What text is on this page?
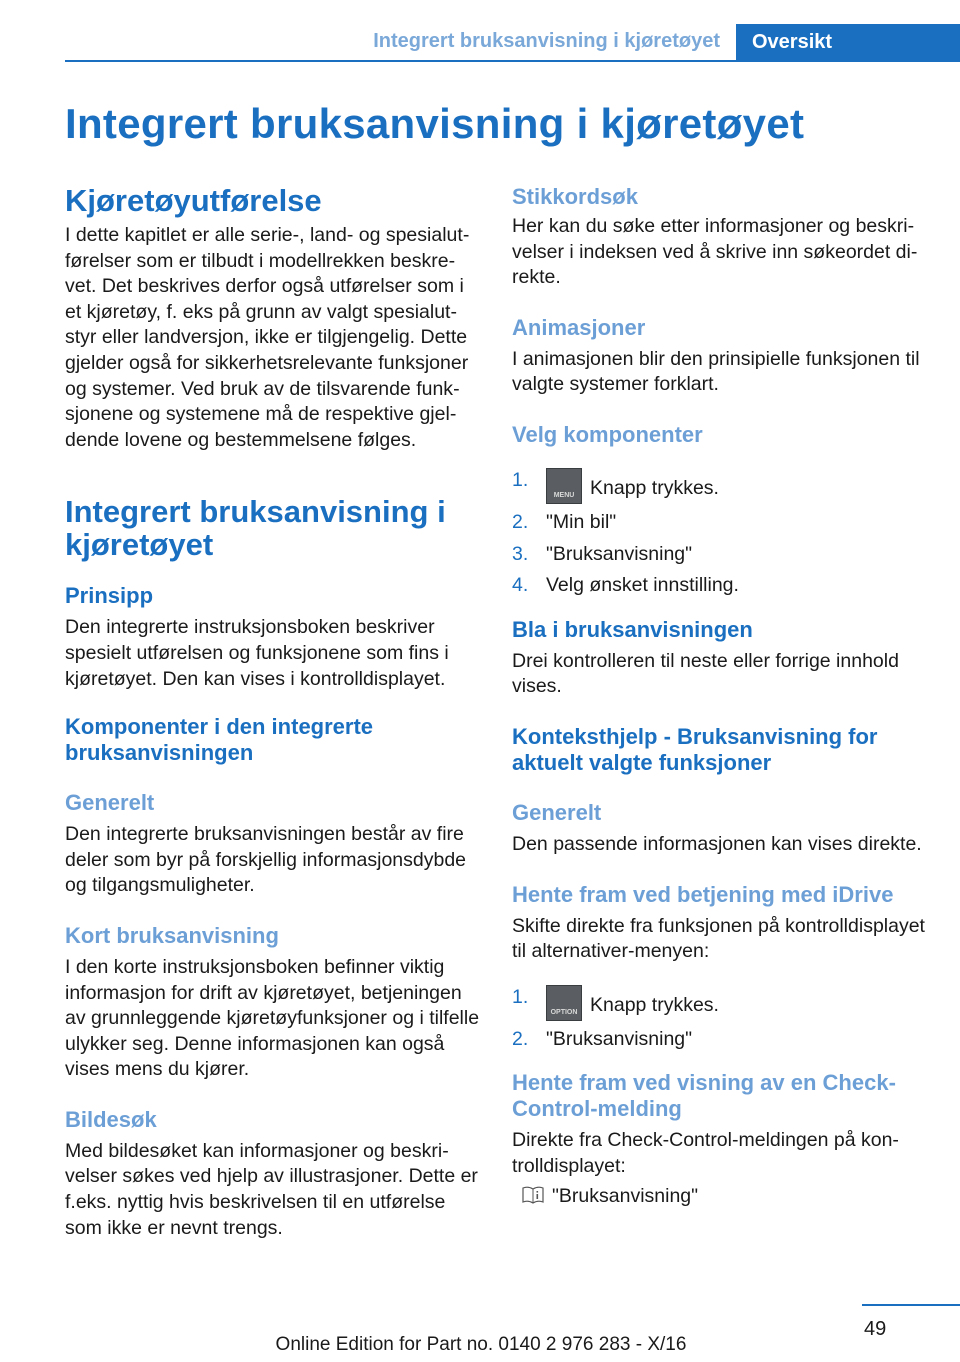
Integrert bruksanvisning i kjøretøyet	Oversikt
Integrert bruksanvisning i kjøretøyet
Kjøretøyutførelse
I dette kapitlet er alle serie-, land- og spesialutførelser som er tilbudt i modellrekken beskrevet. Det beskrives derfor også utførelser som i et kjøretøy, f. eks på grunn av valgt spesialutstyr eller landversjon, ikke er tilgjengelig. Dette gjelder også for sikkerhetsrelevante funksjoner og systemer. Ved bruk av de tilsvarende funksjonene og systemene må de respektive gjeldende lovene og bestemmelsene følges.
Integrert bruksanvisning i kjøretøyet
Prinsipp
Den integrerte instruksjonsboken beskriver spesielt utførelsen og funksjonene som fins i kjøretøyet. Den kan vises i kontrolldisplayet.
Komponenter i den integrerte bruksanvisningen
Generelt
Den integrerte bruksanvisningen består av fire deler som byr på forskjellig informasjonsdybde og tilgangsmuligheter.
Kort bruksanvisning
I den korte instruksjonsboken befinner viktig informasjon for drift av kjøretøyet, betjeningen av grunnleggende kjøretøyfunksjoner og i tilfelle ulykker seg. Denne informasjonen kan også vises mens du kjører.
Bildesøk
Med bildesøket kan informasjoner og beskrivelser søkes ved hjelp av illustrasjoner. Dette er f.eks. nyttig hvis beskrivelsen til en utførelse som ikke er nevnt trengs.
Stikkordsøk
Her kan du søke etter informasjoner og beskrivelser i indeksen ved å skrive inn søkeordet direkte.
Animasjoner
I animasjonen blir den prinsipielle funksjonen til valgte systemer forklart.
Velg komponenter
1.
MENU Knapp trykkes.
2. "Min bil"
3. "Bruksanvisning"
4. Velg ønsket innstilling.
Bla i bruksanvisningen
Drei kontrolleren til neste eller forrige innhold vises.
Konteksthjelp - Bruksanvisning for aktuelt valgte funksjoner
Generelt
Den passende informasjonen kan vises direkte.
Hente fram ved betjening med iDrive
Skifte direkte fra funksjonen på kontrolldisplayet til alternativer-menyen:
1.
OPTION Knapp trykkes.
2. "Bruksanvisning"
Hente fram ved visning av en Check-Control-melding
Direkte fra Check-Control-meldingen på kontrolldisplayet:
"Bruksanvisning"
49
Online Edition for Part no. 0140 2 976 283 - X/16
